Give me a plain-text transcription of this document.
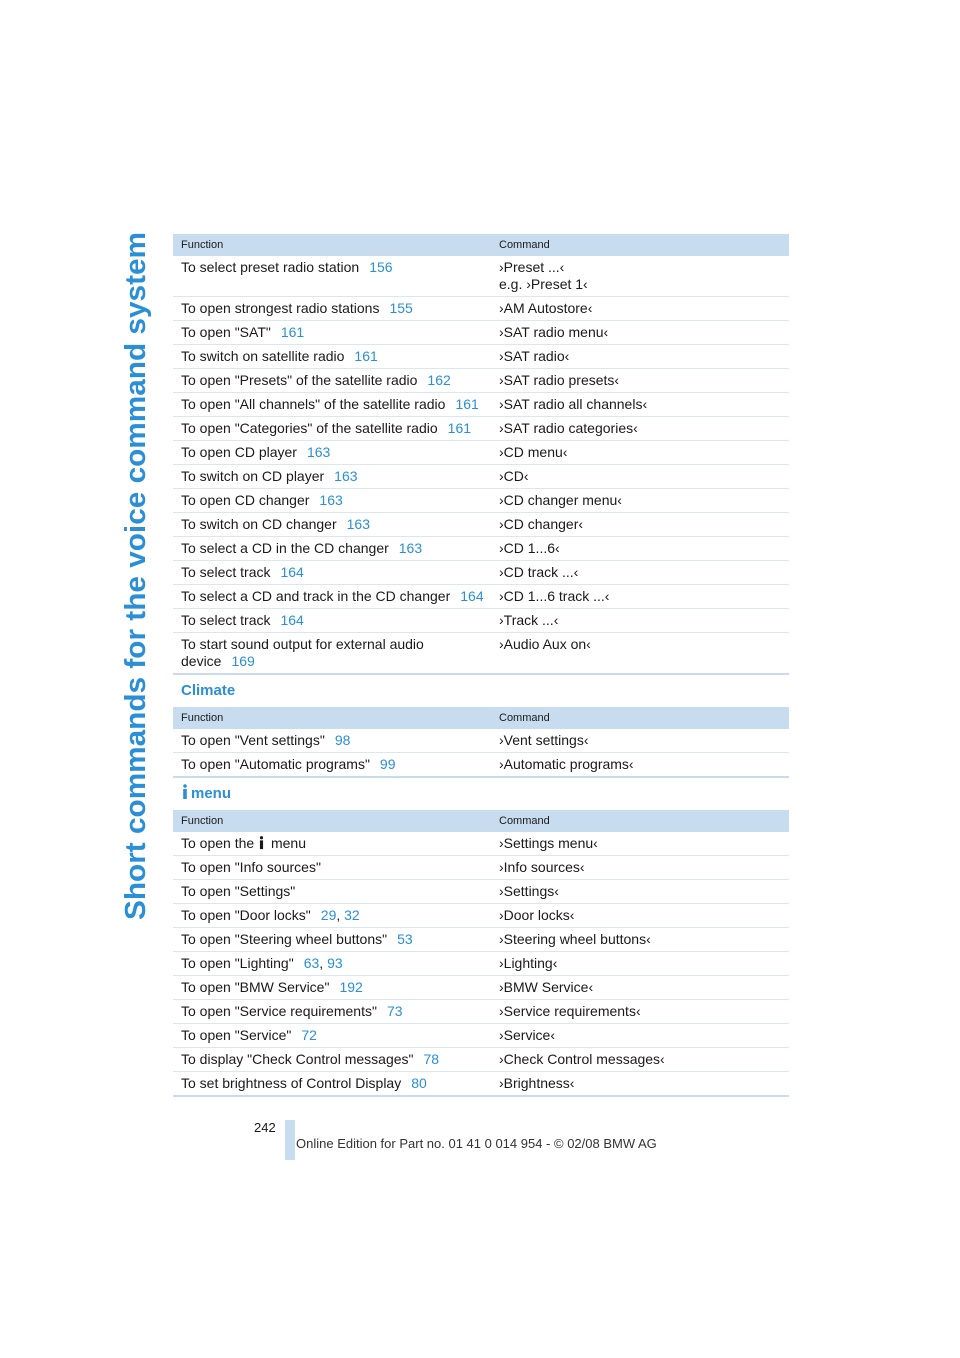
Short commands for the voice command system
Function	Command
To select preset radio station 156	›Preset ...‹
e.g. ›Preset 1‹

To open strongest radio stations 155	›AM Autostore‹
To open "SAT" 161	›SAT radio menu‹
To switch on satellite radio 161	›SAT radio‹
To open "Presets" of the satellite radio 162	›SAT radio presets‹
To open "All channels" of the satellite radio 161	›SAT radio all channels‹
To open "Categories" of the satellite radio 161	›SAT radio categories‹
To open CD player 163	›CD menu‹
To switch on CD player 163	›CD‹
To open CD changer 163	›CD changer menu‹
To switch on CD changer 163	›CD changer‹
To select a CD in the CD changer 163	›CD 1...6‹
To select track 164	›CD track ...‹
To select a CD and track in the CD changer 164	›CD 1...6 track ...‹
To select track 164	›Track ...‹

To start sound output for external audio
device 169	›Audio Aux on‹
Climate
Function	Command
To open "Vent settings" 98	›Vent settings‹
To open "Automatic programs" 99	›Automatic programs‹
menu
Function	Command
To open the menu	›Settings menu‹
To open "Info sources"	›Info sources‹
To open "Settings"	›Settings‹
To open "Door locks" 29, 32	›Door locks‹
To open "Steering wheel buttons" 53	›Steering wheel buttons‹
To open "Lighting" 63, 93	›Lighting‹
To open "BMW Service" 192	›BMW Service‹
To open "Service requirements" 73	›Service requirements‹
To open "Service" 72	›Service‹
To display "Check Control messages" 78	›Check Control messages‹
To set brightness of Control Display 80	›Brightness‹
242
Online Edition for Part no. 01 41 0 014 954 - © 02/08 BMW AG
